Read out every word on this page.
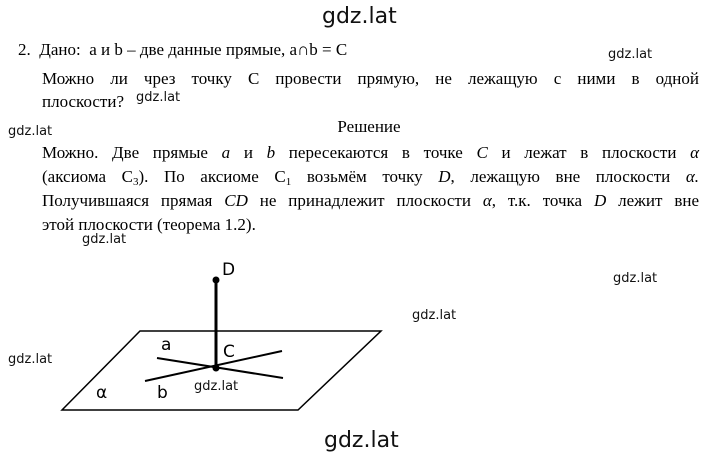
gdz.lat
gdz.lat
gdz.lat
gdz.lat
gdz.lat
gdz.lat
gdz.lat
gdz.lat
gdz.lat
gdz.lat
2. Дано: a и b – две данные прямые, a∩b = C
Можно ли чрез точку C провести прямую, не лежащую с ними в одной
плоскости?
Решение
Можно. Две прямые a и b пересекаются в точке C и лежат в плоскости α
(аксиома $C_3$). По аксиоме $C_1$ возьмём точку D, лежащую вне плоскости α.
Получившаяся прямая CD не принадлежит плоскости α, т.к. точка D лежит вне
этой плоскости (теорема 1.2).
D
a	C
α	b
